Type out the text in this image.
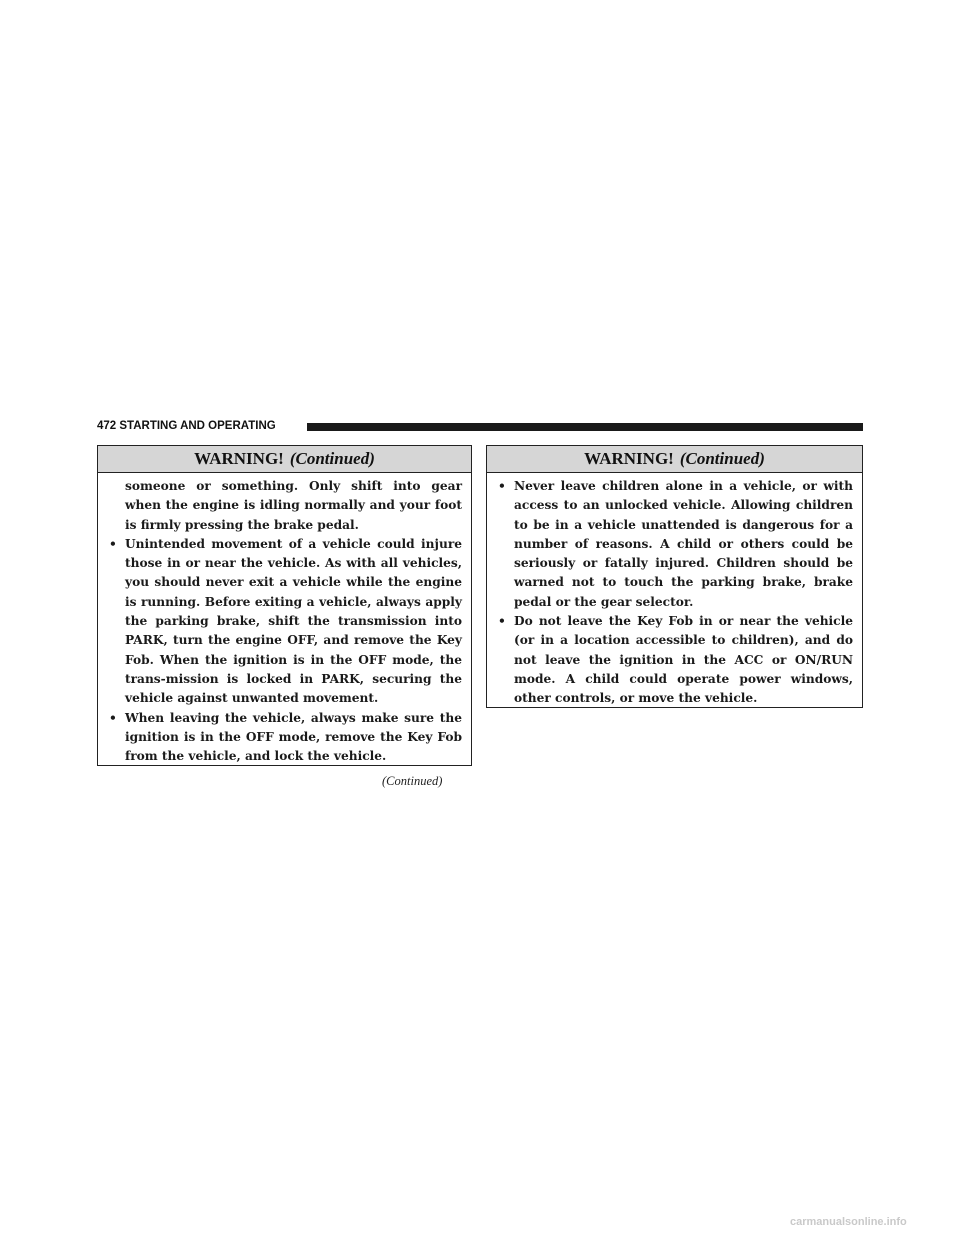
472 STARTING AND OPERATING
WARNING! (Continued)

someone or something. Only shift into gear when the engine is idling normally and your foot is firmly pressing the brake pedal.

• Unintended movement of a vehicle could injure those in or near the vehicle. As with all vehicles, you should never exit a vehicle while the engine is running. Before exiting a vehicle, always apply the parking brake, shift the transmission into PARK, turn the engine OFF, and remove the Key Fob. When the ignition is in the OFF mode, the trans-mission is locked in PARK, securing the vehicle against unwanted movement.

• When leaving the vehicle, always make sure the ignition is in the OFF mode, remove the Key Fob from the vehicle, and lock the vehicle.

(Continued)
WARNING! (Continued)

• Never leave children alone in a vehicle, or with access to an unlocked vehicle. Allowing children to be in a vehicle unattended is dangerous for a number of reasons. A child or others could be seriously or fatally injured. Children should be warned not to touch the parking brake, brake pedal or the gear selector.

• Do not leave the Key Fob in or near the vehicle (or in a location accessible to children), and do not leave the ignition in the ACC or ON/RUN mode. A child could operate power windows, other controls, or move the vehicle.

carmanualsonline.info
